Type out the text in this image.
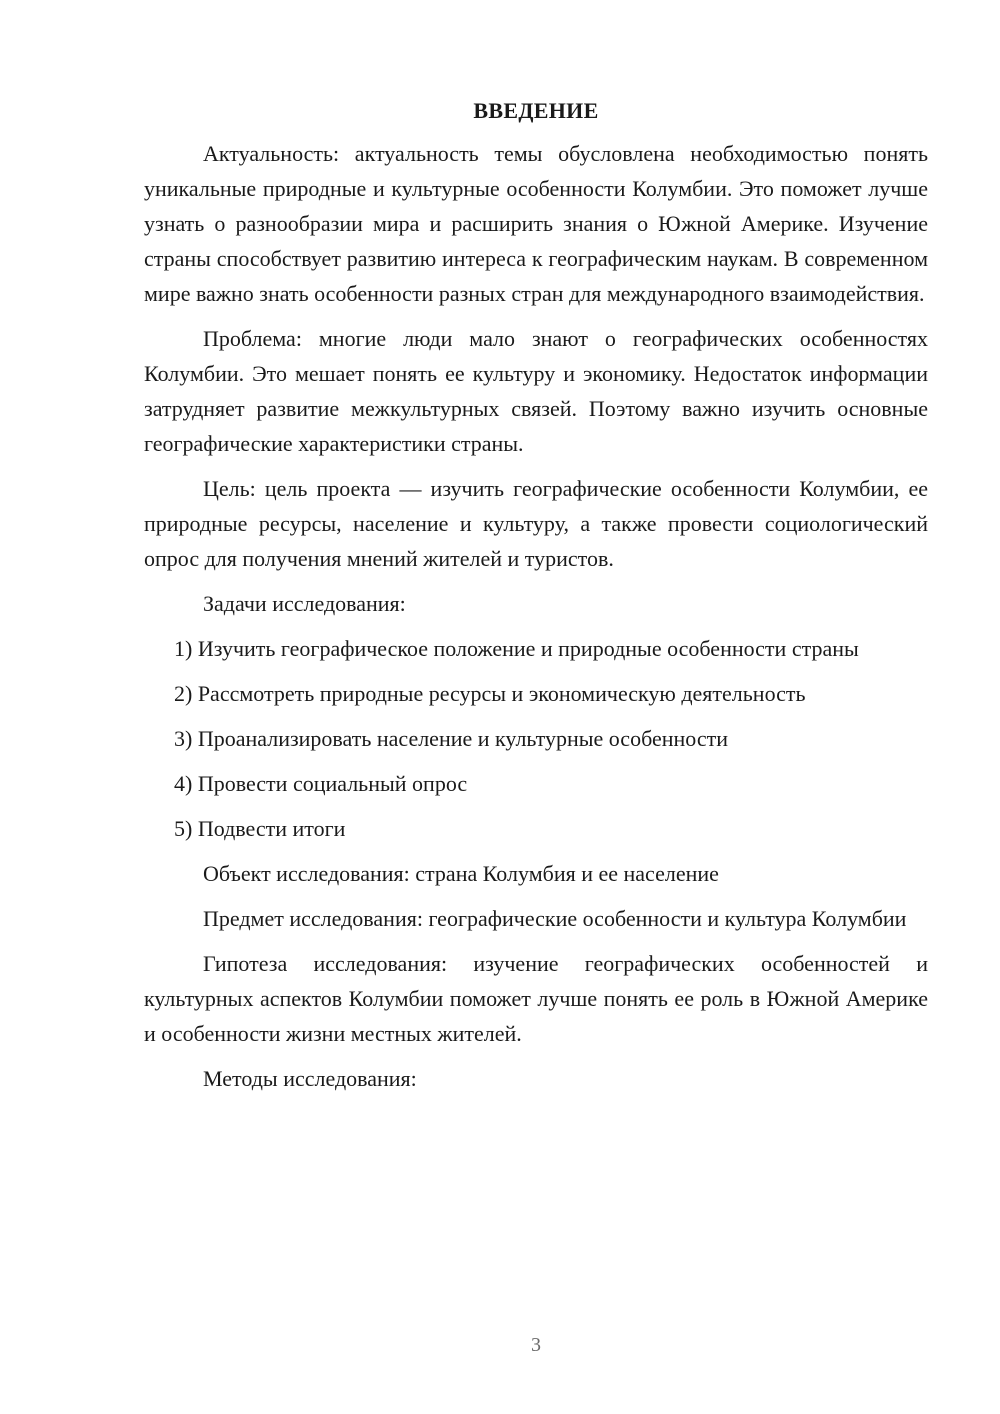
ВВЕДЕНИЕ

Актуальность: актуальность темы обусловлена необходимостью понять уникальные природные и культурные особенности Колумбии. Это поможет лучше узнать о разнообразии мира и расширить знания о Южной Америке. Изучение страны способствует развитию интереса к географическим наукам. В современном мире важно знать особенности разных стран для международного взаимодействия.

Проблема: многие люди мало знают о географических особенностях Колумбии. Это мешает понять ее культуру и экономику. Недостаток информации затрудняет развитие межкультурных связей. Поэтому важно изучить основные географические характеристики страны.

Цель: цель проекта — изучить географические особенности Колумбии, ее природные ресурсы, население и культуру, а также провести социологический опрос для получения мнений жителей и туристов.

Задачи исследования:

1) Изучить географическое положение и природные особенности страны

2) Рассмотреть природные ресурсы и экономическую деятельность

3) Проанализировать население и культурные особенности

4) Провести социальный опрос

5) Подвести итоги

Объект исследования: страна Колумбия и ее население

Предмет исследования: географические особенности и культура Колумбии

Гипотеза исследования: изучение географических особенностей и культурных аспектов Колумбии поможет лучше понять ее роль в Южной Америке и особенности жизни местных жителей.

Методы исследования:

3
